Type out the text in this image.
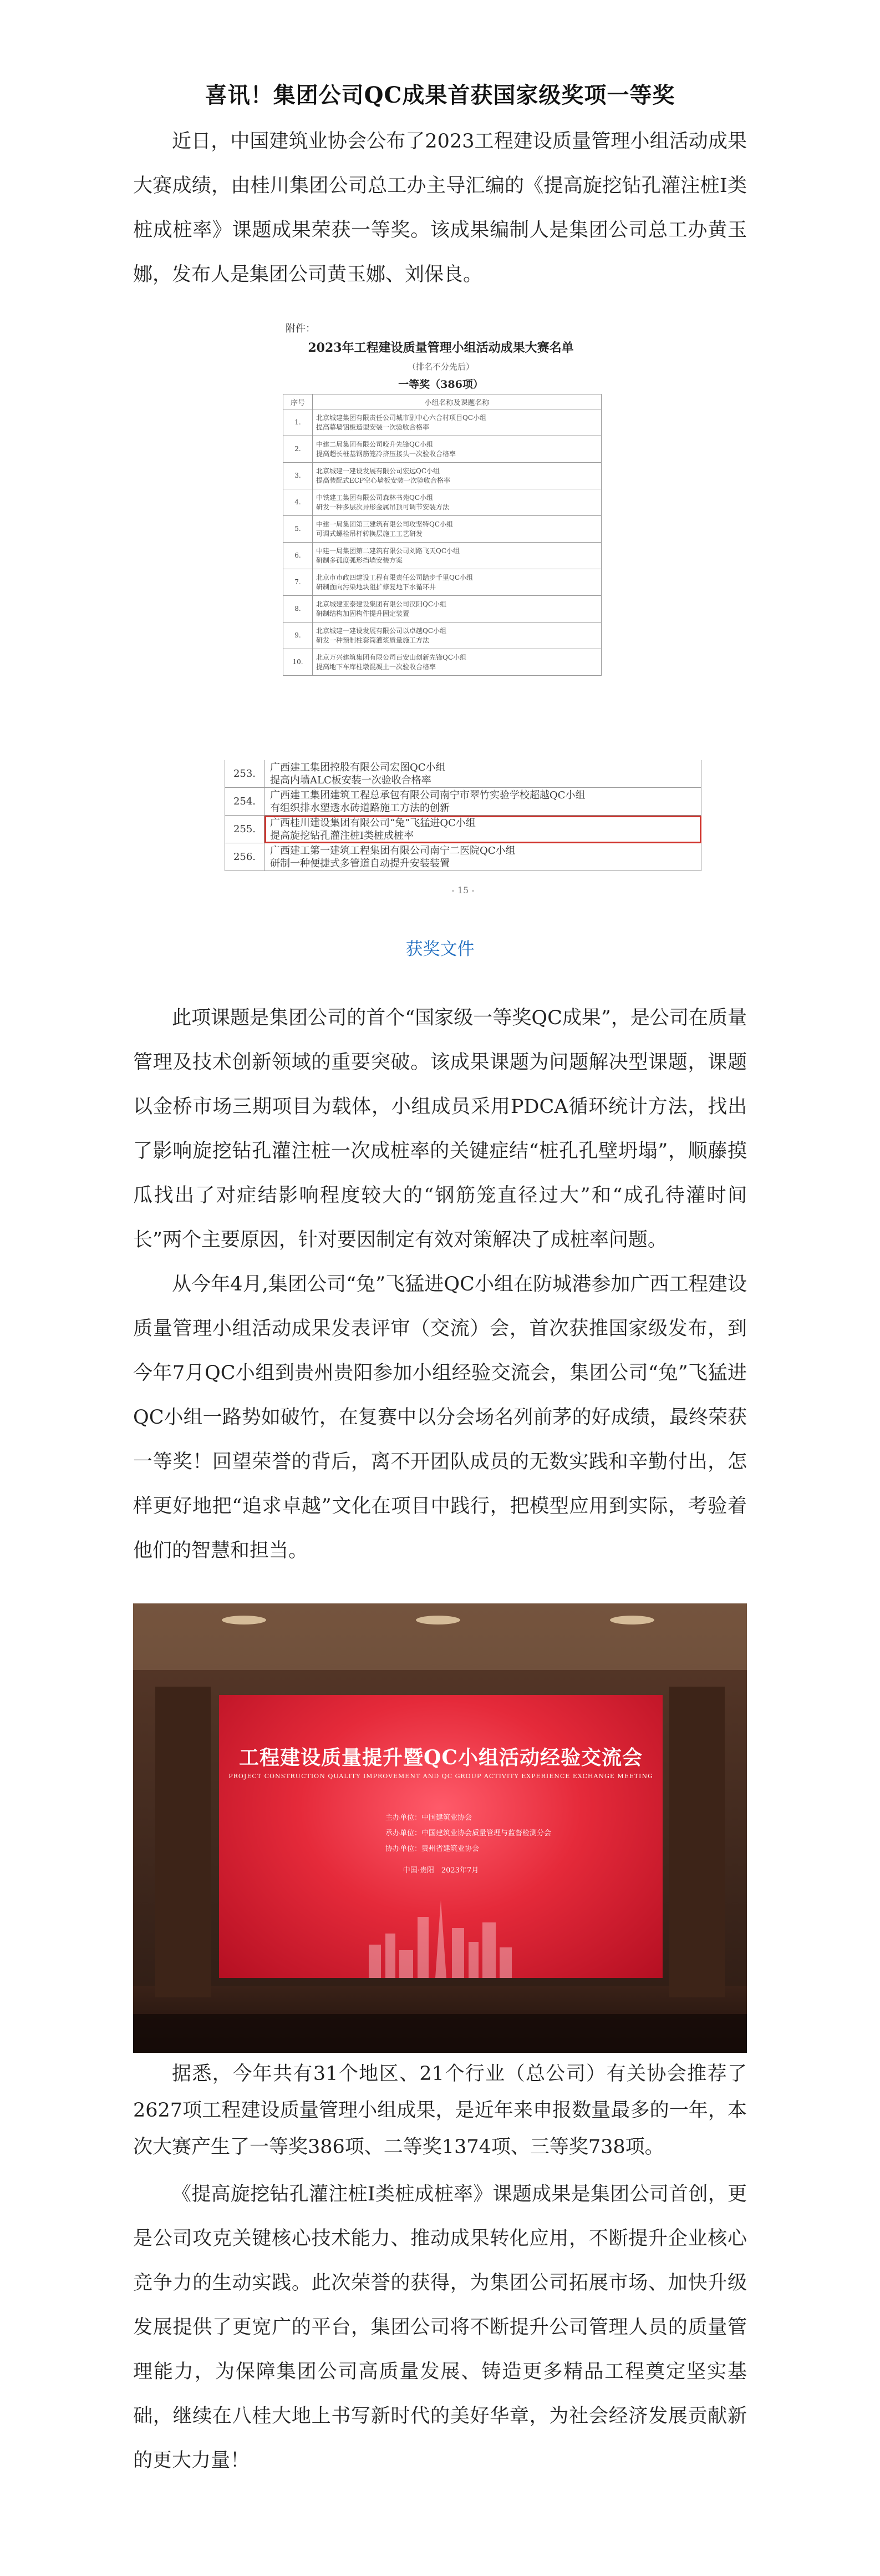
喜讯！集团公司QC成果首获国家级奖项一等奖

近日，中国建筑业协会公布了2023工程建设质量管理小组活动成果大赛成绩，由桂川集团公司总工办主导汇编的《提高旋挖钻孔灌注桩Ⅰ类桩成桩率》课题成果荣获一等奖。该成果编制人是集团公司总工办黄玉娜，发布人是集团公司黄玉娜、刘保良。

附件：
2023年工程建设质量管理小组活动成果大赛名单
（排名不分先后）
一等奖（386项）
序号	小组名称及课题名称
1.	北京城建集团有限责任公司城市副中心六合村项目QC小组
提高幕墙铝板造型安装一次验收合格率

2.	中建二局集团有限公司咬升先锋QC小组
提高超长桩基钢筋笼冷挤压接头一次验收合格率

3.	北京城建一建设发展有限公司宏远QC小组
提高装配式ECP空心墙板安装一次验收合格率

4.	中铁建工集团有限公司森林书苑QC小组
研发一种多层次异形金属吊顶可调节安装方法

5.	中建一局集团第三建筑有限公司攻坚特QC小组
可调式螺栓吊杆转换层施工工艺研发

6.	中建一局集团第二建筑有限公司刘路飞天QC小组
研制多孤度弧形挡墙安装方案

7.	北京市市政四建设工程有限责任公司踏步千里QC小组
研制面向污染地块阻扩修复地下水循环井

8.	北京城建亚泰建设集团有限公司汉阳QC小组
研制结构加固构件提升固定装置

9.	北京城建一建设发展有限公司以卓越QC小组
研发一种预制柱套筒灌浆质量施工方法

10.	北京万兴建筑集团有限公司百安山创新先锋QC小组
提高地下车库柱墩混凝土一次验收合格率
253.	广西建工集团控股有限公司宏图QC小组
提高内墙ALC板安装一次验收合格率

254.	广西建工集团建筑工程总承包有限公司南宁市翠竹实验学校超越QC小组
有组织排水塑透水砖道路施工方法的创新

255.	广西桂川建设集团有限公司“兔”飞猛进QC小组
提高旋挖钻孔灌注桩Ⅰ类桩成桩率

256.	广西建工第一建筑工程集团有限公司南宁二医院QC小组
研制一种便捷式多管道自动提升安装装置
- 15 -
获奖文件

此项课题是集团公司的首个“国家级一等奖QC成果”，是公司在质量管理及技术创新领域的重要突破。该成果课题为问题解决型课题，课题以金桥市场三期项目为载体，小组成员采用PDCA循环统计方法，找出了影响旋挖钻孔灌注桩一次成桩率的关键症结“桩孔孔壁坍塌”，顺藤摸瓜找出了对症结影响程度较大的“钢筋笼直径过大”和“成孔待灌时间长”两个主要原因，针对要因制定有效对策解决了成桩率问题。

从今年4月,集团公司“兔”飞猛进QC小组在防城港参加广西工程建设质量管理小组活动成果发表评审（交流）会，首次获推国家级发布，到今年7月QC小组到贵州贵阳参加小组经验交流会，集团公司“兔”飞猛进QC小组一路势如破竹，在复赛中以分会场名列前茅的好成绩，最终荣获一等奖！回望荣誉的背后，离不开团队成员的无数实践和辛勤付出，怎样更好地把“追求卓越”文化在项目中践行，把模型应用到实际，考验着他们的智慧和担当。

工程建设质量提升暨QC小组活动经验交流会
PROJECT CONSTRUCTION QUALITY IMPROVEMENT AND QC GROUP ACTIVITY EXPERIENCE EXCHANGE MEETING
主办单位：中国建筑业协会
承办单位：中国建筑业协会质量管理与监督检测分会
协办单位：贵州省建筑业协会
中国·贵阳　2023年7月

据悉，今年共有31个地区、21个行业（总公司）有关协会推荐了2627项工程建设质量管理小组成果，是近年来申报数量最多的一年，本次大赛产生了一等奖386项、二等奖1374项、三等奖738项。

《提高旋挖钻孔灌注桩Ⅰ类桩成桩率》课题成果是集团公司首创，更是公司攻克关键核心技术能力、推动成果转化应用，不断提升企业核心竞争力的生动实践。此次荣誉的获得，为集团公司拓展市场、加快升级发展提供了更宽广的平台，集团公司将不断提升公司管理人员的质量管理能力，为保障集团公司高质量发展、铸造更多精品工程奠定坚实基础，继续在八桂大地上书写新时代的美好华章，为社会经济发展贡献新的更大力量！
